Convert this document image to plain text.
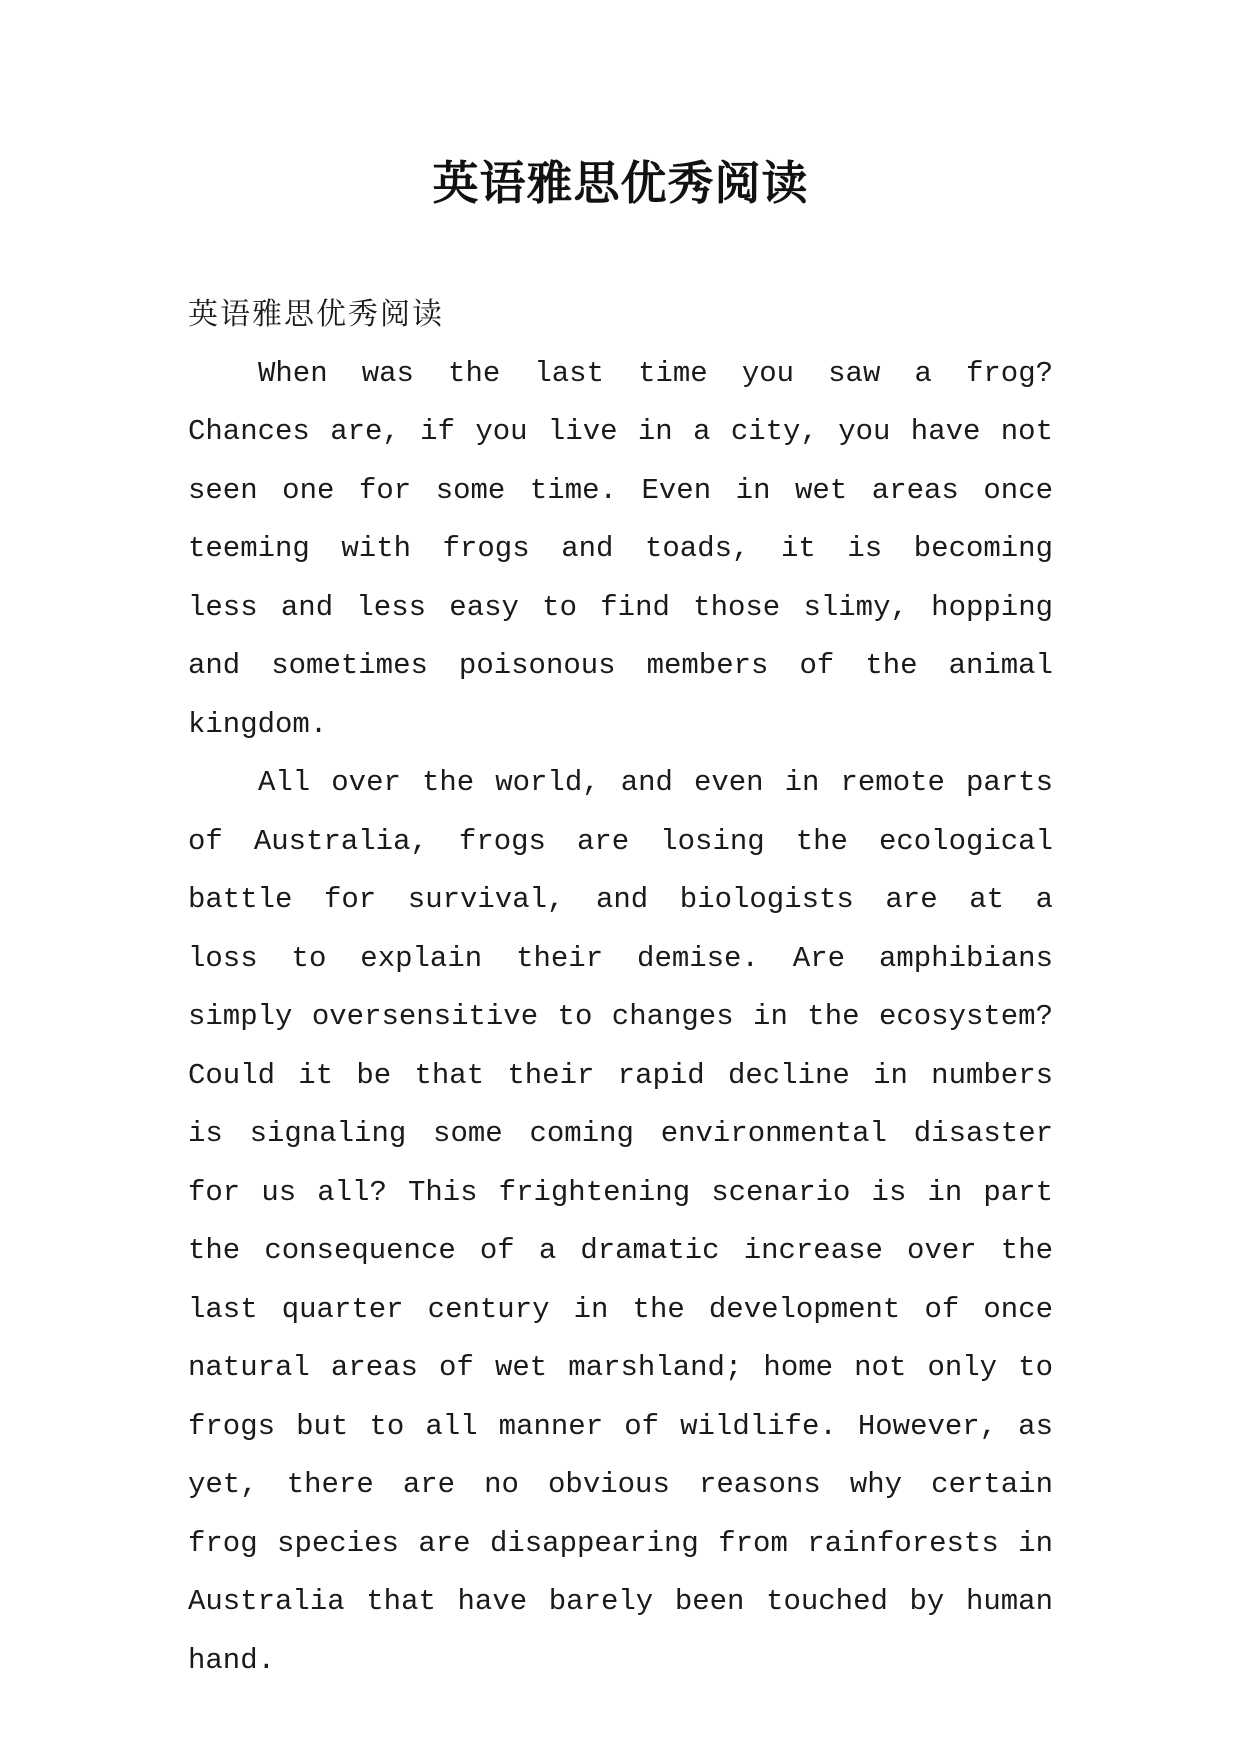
英语雅思优秀阅读

英语雅思优秀阅读

When was the last time you saw a frog? Chances are, if you live in a city, you have not seen one for some time. Even in wet areas once teeming with frogs and toads, it is becoming less and less easy to find those slimy, hopping and sometimes poisonous members of the animal kingdom.

All over the world, and even in remote parts of Australia, frogs are losing the ecological battle for survival, and biologists are at a loss to explain their demise. Are amphibians simply oversensitive to changes in the ecosystem? Could it be that their rapid decline in numbers is signaling some coming environmental disaster for us all? This frightening scenario is in part the consequence of a dramatic increase over the last quarter century in the development of once natural areas of wet marshland; home not only to frogs but to all manner of wildlife. However, as yet, there are no obvious reasons why certain frog species are disappearing from rainforests in Australia that have barely been touched by human hand.
